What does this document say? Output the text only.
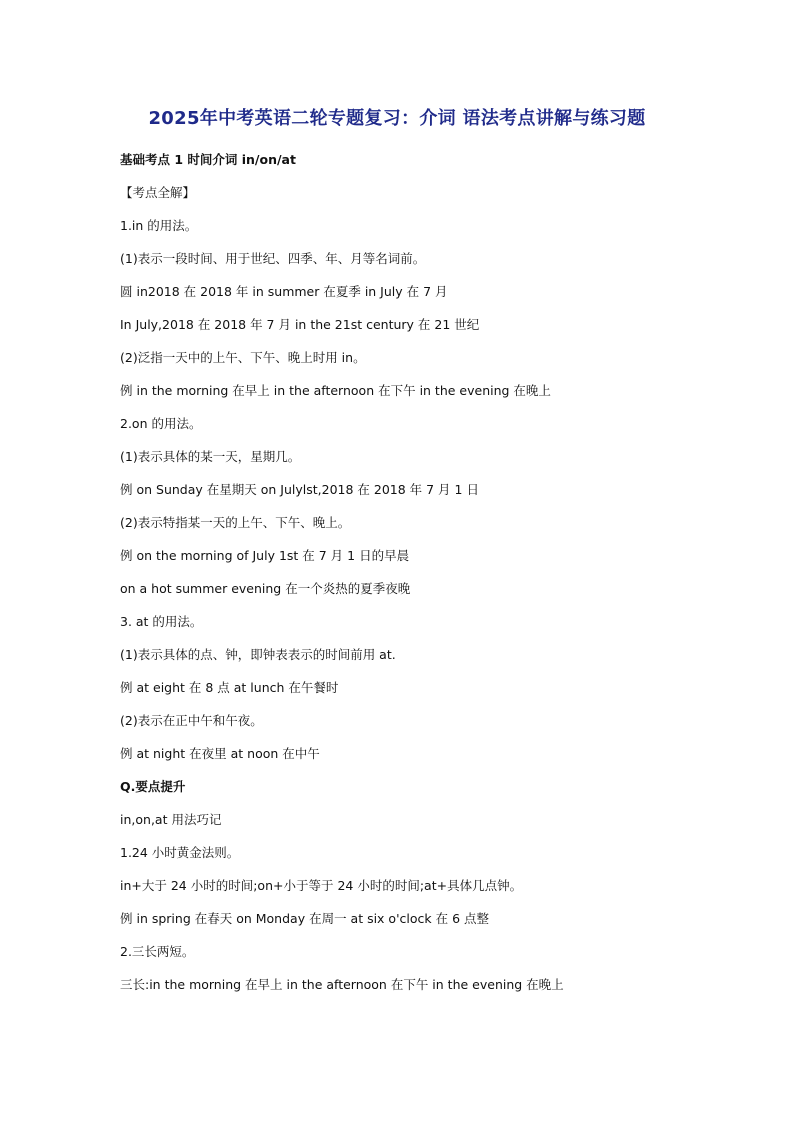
2025年中考英语二轮专题复习：介词 语法考点讲解与练习题
基础考点 1 时间介词 in/on/at
【考点全解】
1.in 的用法。
(1)表示一段时间、用于世纪、四季、年、月等名词前。
圆 in2018 在 2018 年 in summer 在夏季 in July 在 7 月
In July,2018 在 2018 年 7 月 in the 21st century 在 21 世纪
(2)泛指一天中的上午、下午、晚上时用 in。
例 in the morning 在早上 in the afternoon 在下午 in the evening 在晚上
2.on 的用法。
(1)表示具体的某一天，星期几。
例 on Sunday 在星期天 on Julylst,2018 在 2018 年 7 月 1 日
(2)表示特指某一天的上午、下午、晚上。
例 on the morning of July 1st 在 7 月 1 日的早晨
on a hot summer evening 在一个炎热的夏季夜晚
3. at 的用法。
(1)表示具体的点、钟，即钟表表示的时间前用 at.
例 at eight 在 8 点 at lunch 在午餐时
(2)表示在正中午和午夜。
例 at night 在夜里 at noon 在中午
Q.要点提升
in,on,at 用法巧记
1.24 小时黄金法则。
in+大于 24 小时的时间;on+小于等于 24 小时的时间;at+具体几点钟。
例 in spring 在春天 on Monday 在周一 at six o'clock 在 6 点整
2.三长两短。
三长:in the morning 在早上 in the afternoon 在下午 in the evening 在晚上
